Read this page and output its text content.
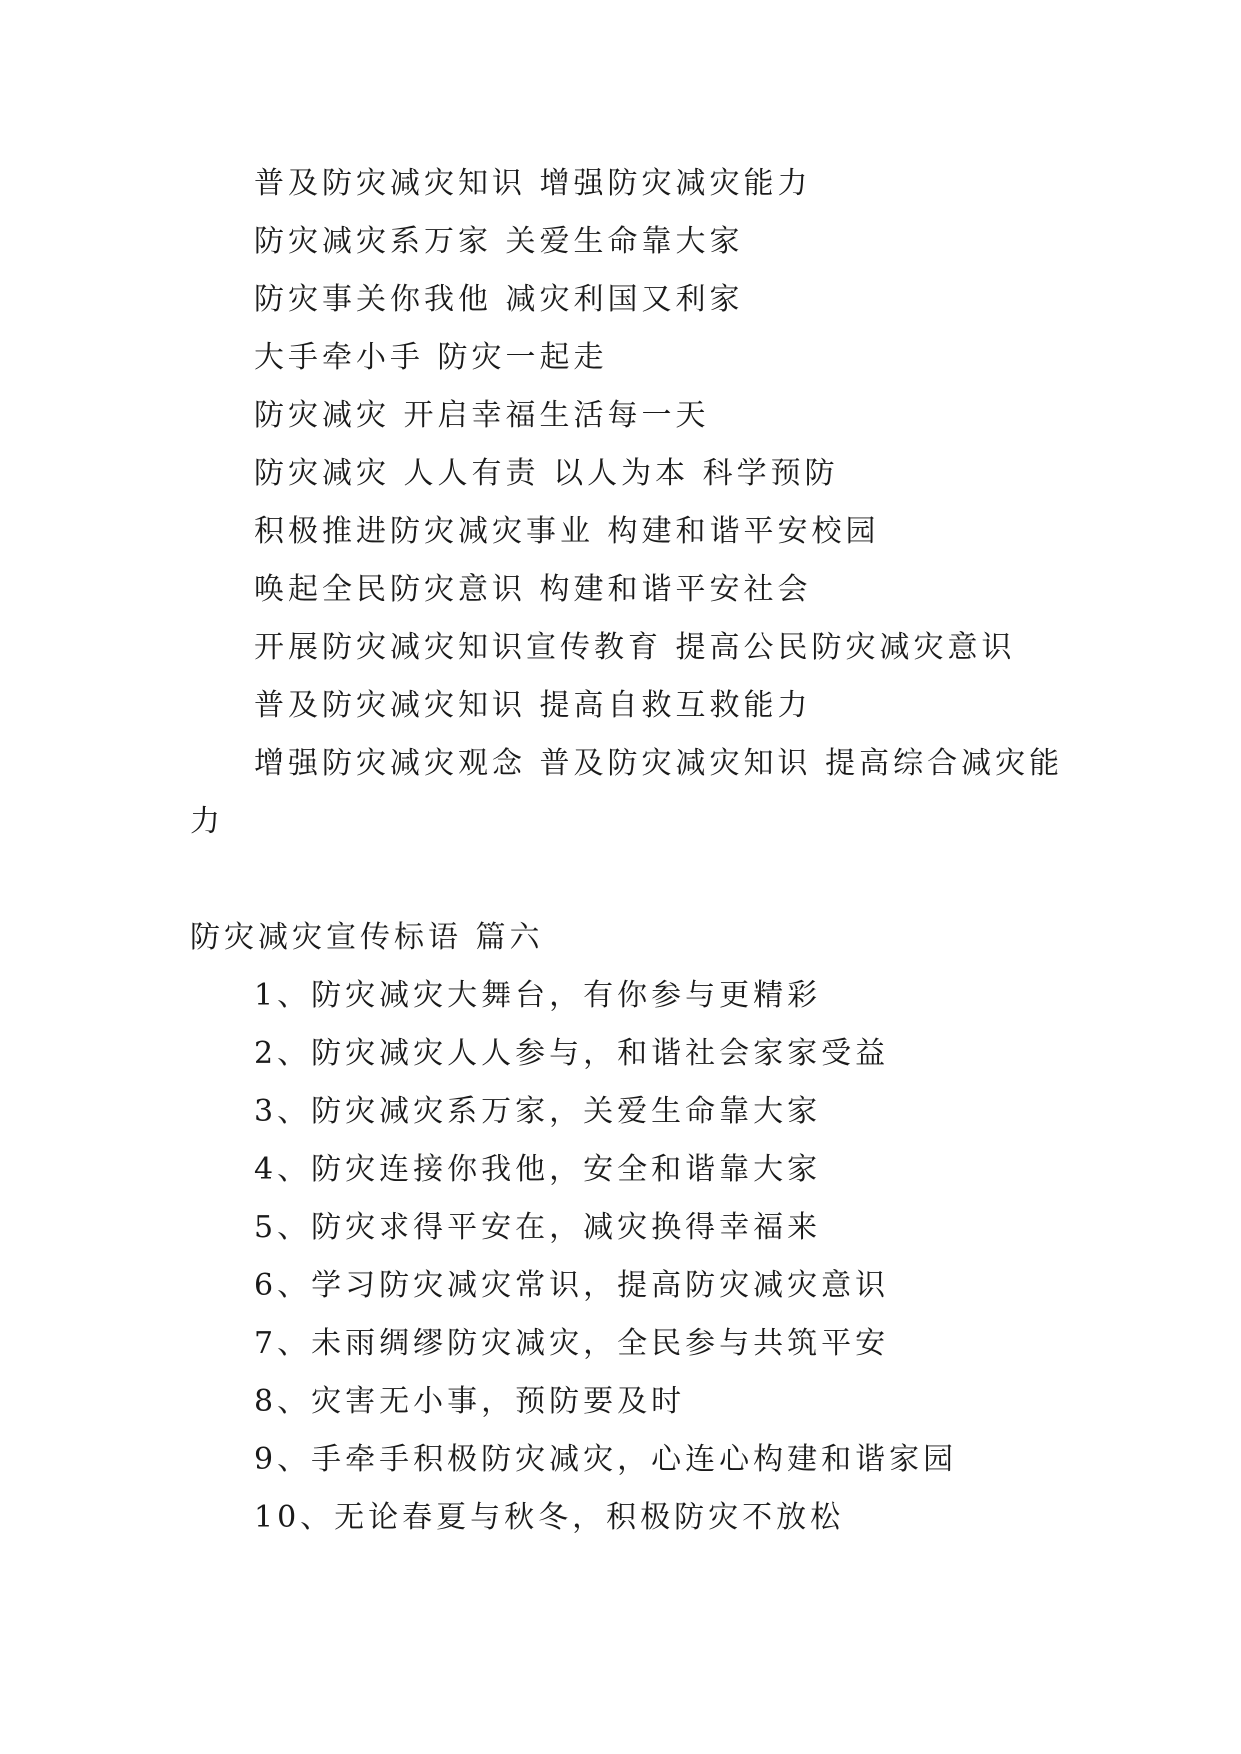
普及防灾减灾知识 增强防灾减灾能力
防灾减灾系万家 关爱生命靠大家
防灾事关你我他 减灾利国又利家
大手牵小手 防灾一起走
防灾减灾 开启幸福生活每一天
防灾减灾 人人有责 以人为本 科学预防
积极推进防灾减灾事业 构建和谐平安校园
唤起全民防灾意识 构建和谐平安社会
开展防灾减灾知识宣传教育 提高公民防灾减灾意识
普及防灾减灾知识 提高自救互救能力
增强防灾减灾观念 普及防灾减灾知识 提高综合减灾能力
防灾减灾宣传标语 篇六
1、防灾减灾大舞台，有你参与更精彩
2、防灾减灾人人参与，和谐社会家家受益
3、防灾减灾系万家，关爱生命靠大家
4、防灾连接你我他，安全和谐靠大家
5、防灾求得平安在，减灾换得幸福来
6、学习防灾减灾常识，提高防灾减灾意识
7、未雨绸缪防灾减灾，全民参与共筑平安
8、灾害无小事，预防要及时
9、手牵手积极防灾减灾，心连心构建和谐家园
10、无论春夏与秋冬，积极防灾不放松
